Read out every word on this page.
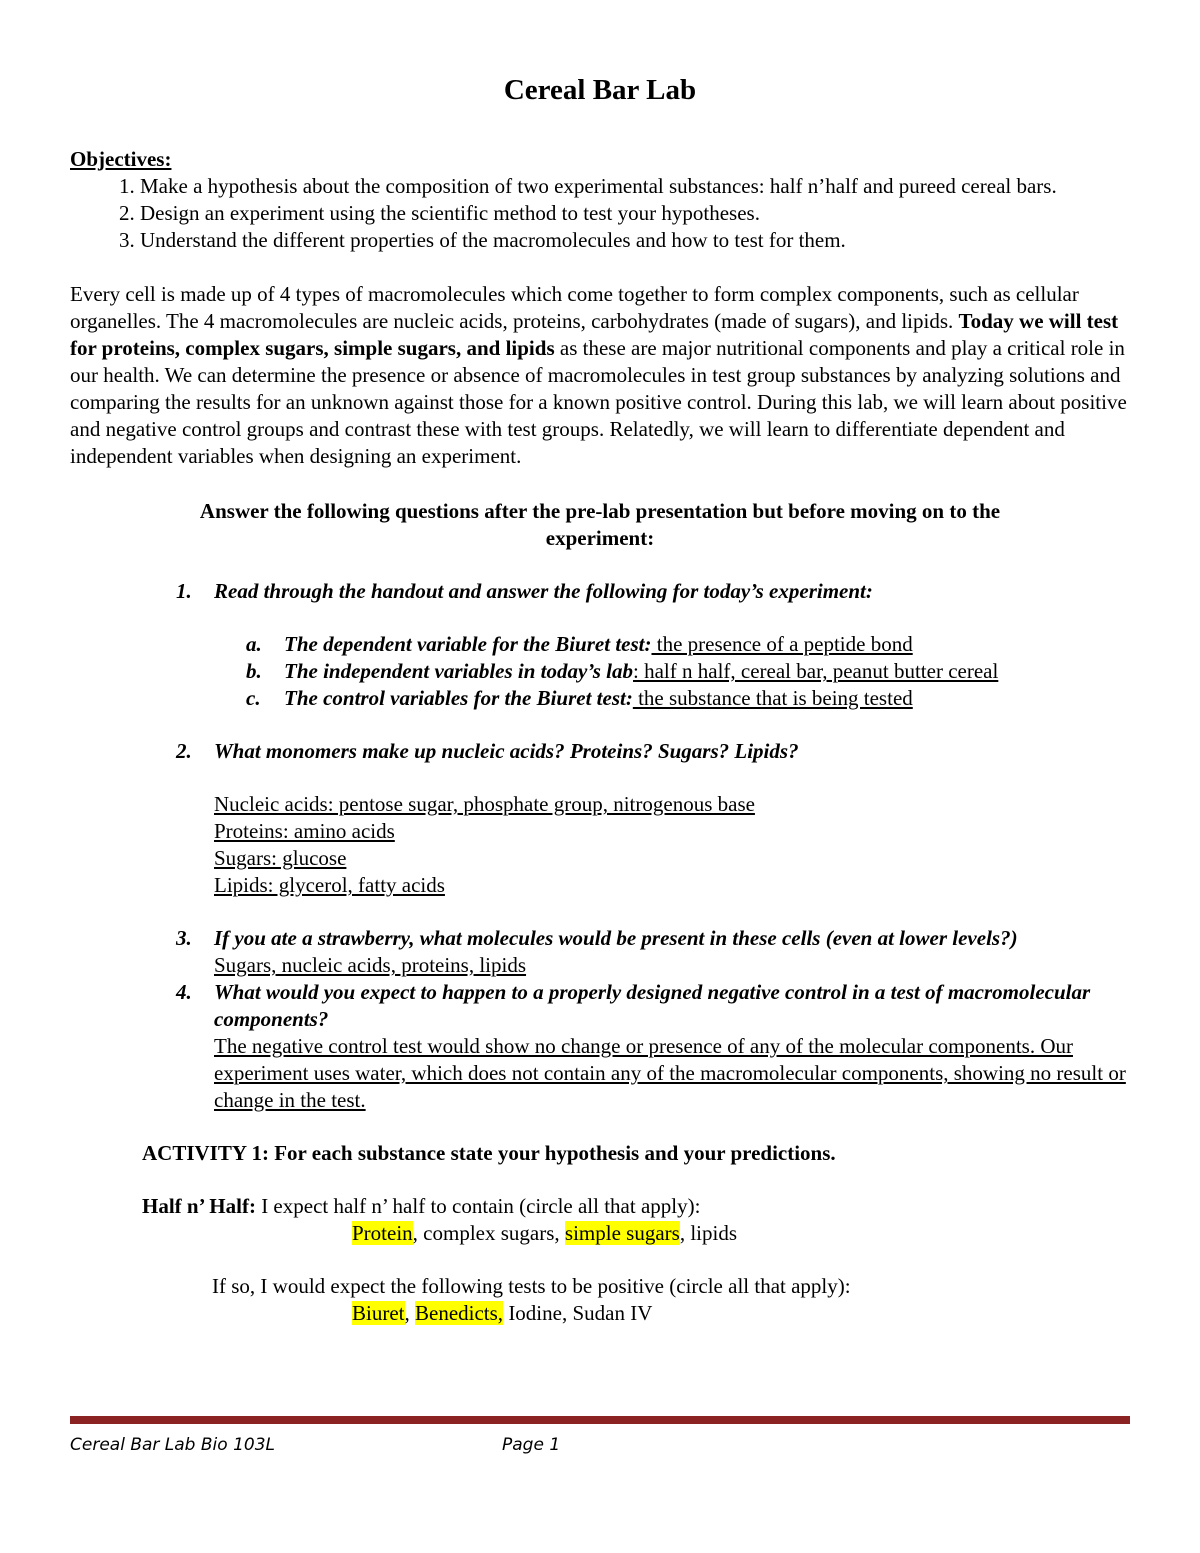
Cereal Bar Lab
Objectives:
1. Make a hypothesis about the composition of two experimental substances: half n’half and pureed cereal bars.
2. Design an experiment using the scientific method to test your hypotheses.
3. Understand the different properties of the macromolecules and how to test for them.
Every cell is made up of 4 types of macromolecules which come together to form complex components, such as cellular organelles. The 4 macromolecules are nucleic acids, proteins, carbohydrates (made of sugars), and lipids. Today we will test for proteins, complex sugars, simple sugars, and lipids as these are major nutritional components and play a critical role in our health. We can determine the presence or absence of macromolecules in test group substances by analyzing solutions and comparing the results for an unknown against those for a known positive control. During this lab, we will learn about positive and negative control groups and contrast these with test groups. Relatedly, we will learn to differentiate dependent and independent variables when designing an experiment.
Answer the following questions after the pre-lab presentation but before moving on to the experiment:
1.	Read through the handout and answer the following for today’s experiment:
a.	The dependent variable for the Biuret test: the presence of a peptide bond
b.	The independent variables in today’s lab: half n half, cereal bar, peanut butter cereal
c.	The control variables for the Biuret test: the substance that is being tested
2.	What monomers make up nucleic acids? Proteins? Sugars? Lipids?
Nucleic acids: pentose sugar, phosphate group, nitrogenous base
Proteins: amino acids
Sugars: glucose
Lipids: glycerol, fatty acids
3.	If you ate a strawberry, what molecules would be present in these cells (even at lower levels?)
Sugars, nucleic acids, proteins, lipids
4.	What would you expect to happen to a properly designed negative control in a test of macromolecular components?
The negative control test would show no change or presence of any of the molecular components. Our experiment uses water, which does not contain any of the macromolecular components, showing no result or change in the test.
ACTIVITY 1: For each substance state your hypothesis and your predictions.
Half n’ Half: I expect half n’ half to contain (circle all that apply):
Protein, complex sugars, simple sugars, lipids
If so, I would expect the following tests to be positive (circle all that apply):
Biuret, Benedicts, Iodine, Sudan IV
Cereal Bar Lab Bio 103L	Page 1
